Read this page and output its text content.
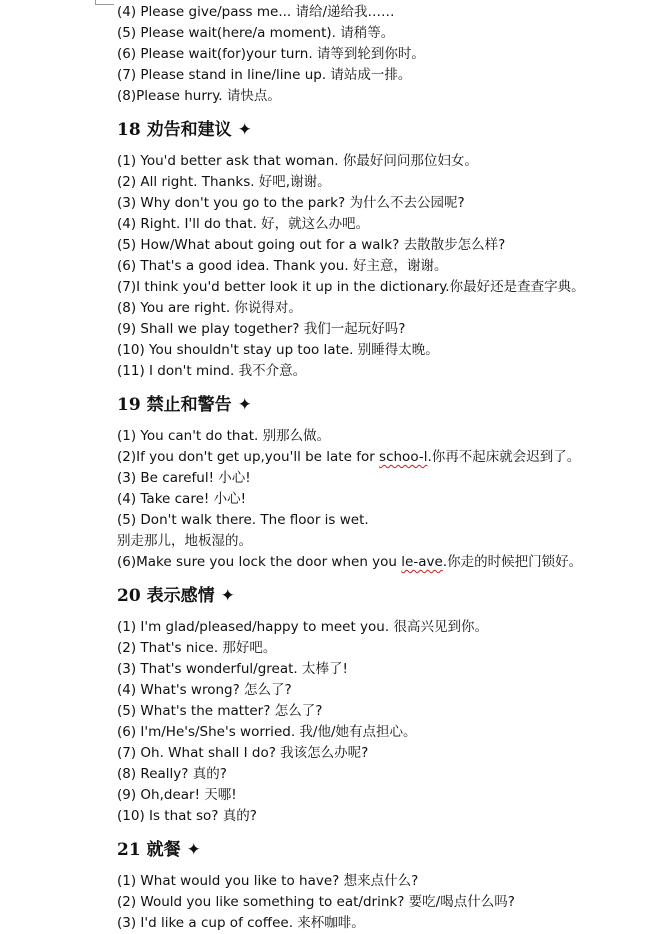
(4) Please give/pass me... 请给/递给我……
(5) Please wait(here/a moment). 请稍等。
(6) Please wait(for)your turn. 请等到轮到你时。
(7) Please stand in line/line up. 请站成一排。
(8)Please hurry. 请快点。
18 劝告和建议 ✦
(1) You'd better ask that woman. 你最好问问那位妇女。
(2) All right. Thanks. 好吧,谢谢。
(3) Why don't you go to the park? 为什么不去公园呢?
(4) Right. I'll do that. 好，就这么办吧。
(5) How/What about going out for a walk? 去散散步怎么样?
(6) That's a good idea. Thank you. 好主意，谢谢。
(7)I think you'd better look it up in the dictionary.你最好还是查查字典。
(8) You are right. 你说得对。
(9) Shall we play together? 我们一起玩好吗?
(10) You shouldn't stay up too late. 别睡得太晚。
(11) I don't mind. 我不介意。
19 禁止和警告 ✦
(1) You can't do that. 别那么做。
(2)If you don't get up,you'll be late for schoo-l.你再不起床就会迟到了。
(3) Be careful! 小心!
(4) Take care! 小心!
(5) Don't walk there. The floor is wet.
别走那儿，地板湿的。
(6)Make sure you lock the door when you le-ave.你走的时候把门锁好。
20 表示感情 ✦
(1) I'm glad/pleased/happy to meet you. 很高兴见到你。
(2) That's nice. 那好吧。
(3) That's wonderful/great. 太棒了!
(4) What's wrong? 怎么了?
(5) What's the matter? 怎么了?
(6) I'm/He's/She's worried. 我/他/她有点担心。
(7) Oh. What shall I do? 我该怎么办呢?
(8) Really? 真的?
(9) Oh,dear! 天哪!
(10) Is that so? 真的?
21 就餐 ✦
(1) What would you like to have? 想来点什么?
(2) Would you like something to eat/drink? 要吃/喝点什么吗?
(3) I'd like a cup of coffee. 来杯咖啡。
